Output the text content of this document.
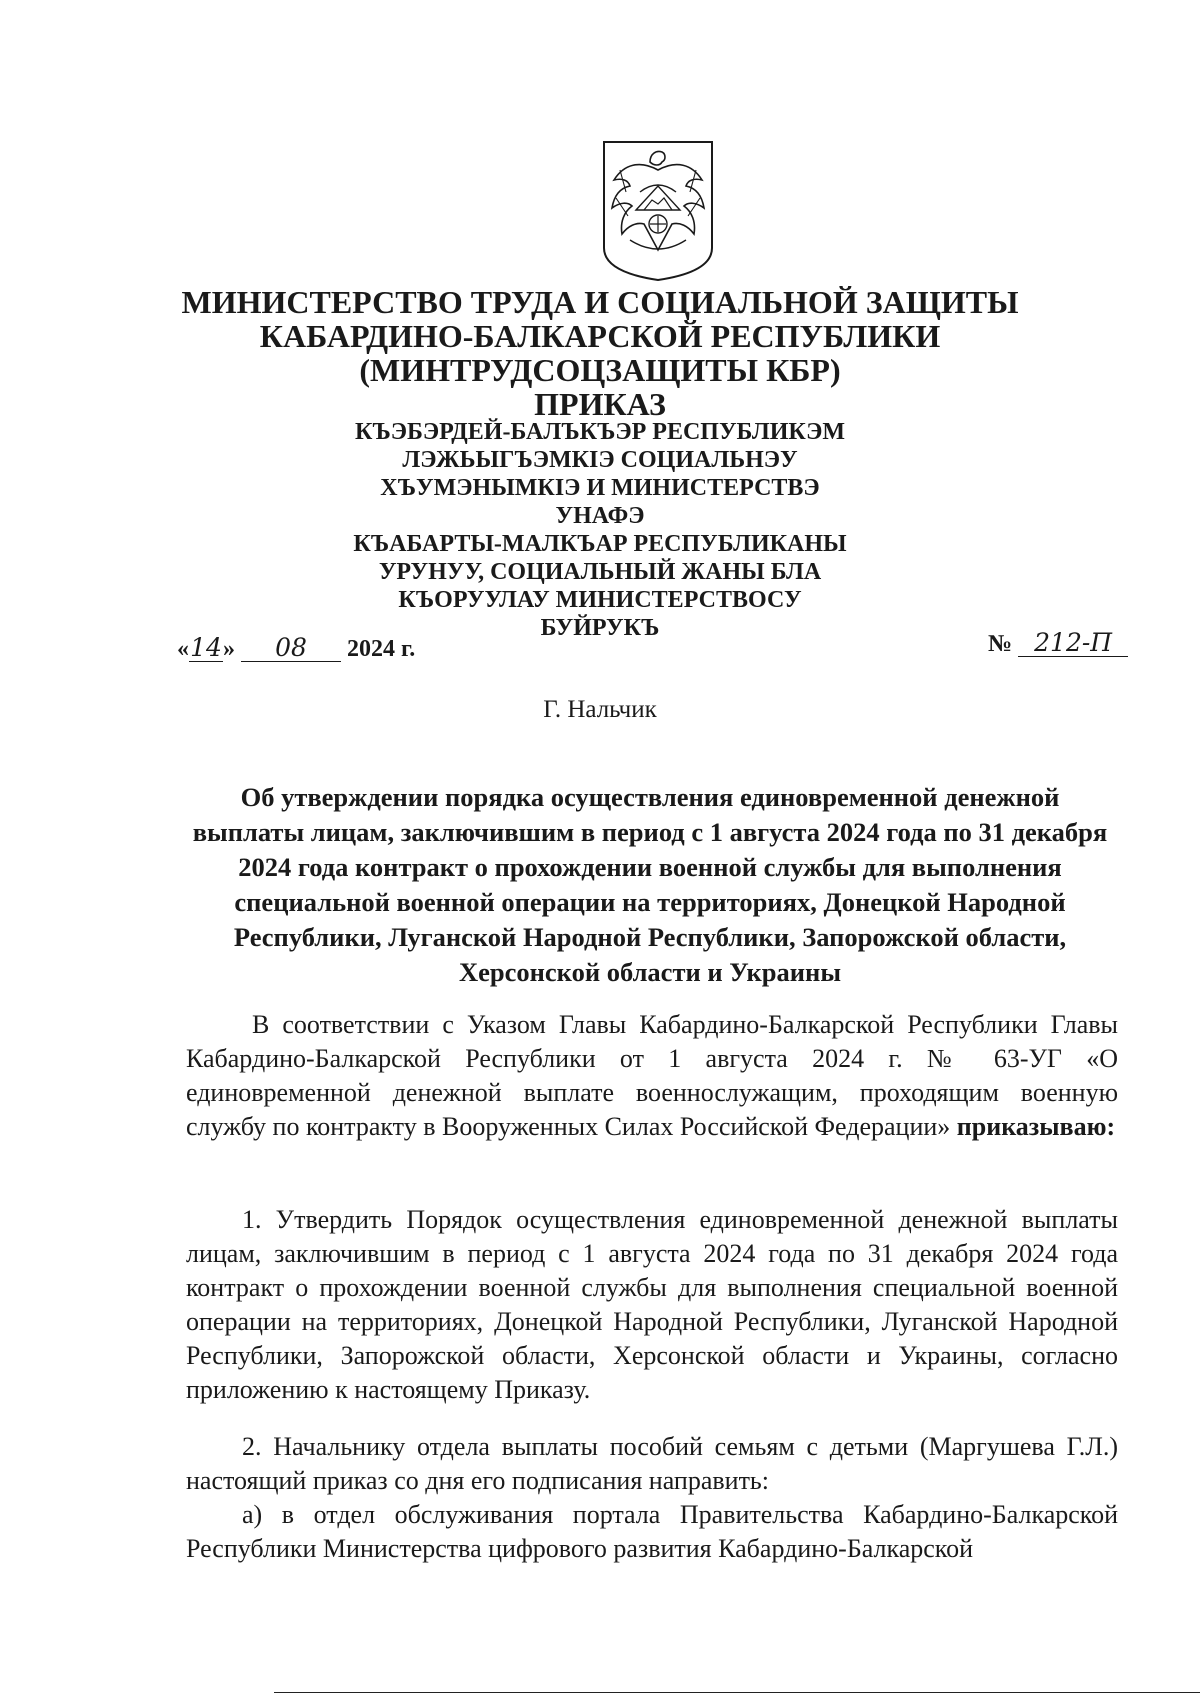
МИНИСТЕРСТВО ТРУДА И СОЦИАЛЬНОЙ ЗАЩИТЫ
КАБАРДИНО-БАЛКАРСКОЙ РЕСПУБЛИКИ
(МИНТРУДСОЦЗАЩИТЫ КБР)
ПРИКАЗ
КЪЭБЭРДЕЙ-БАЛЪКЪЭР РЕСПУБЛИКЭМ
ЛЭЖЬЫГЪЭМКIЭ СОЦИАЛЬНЭУ
ХЪУМЭНЫМКIЭ И МИНИСТЕРСТВЭ
УНАФЭ
КЪАБАРТЫ-МАЛКЪАР РЕСПУБЛИКАНЫ
УРУНУУ, СОЦИАЛЬНЫЙ ЖАНЫ БЛА
КЪОРУУЛАУ МИНИСТЕРСТВОСУ
БУЙРУКЪ
«14» 08 2024 г.	№ 212-П
Г. Нальчик
Об утверждении порядка осуществления единовременной денежной выплаты лицам, заключившим в период с 1 августа 2024 года по 31 декабря 2024 года контракт о прохождении военной службы для выполнения специальной военной операции на территориях, Донецкой Народной Республики, Луганской Народной Республики, Запорожской области, Херсонской области и Украины
В соответствии с Указом Главы Кабардино-Балкарской Республики Главы Кабардино-Балкарской Республики от 1 августа 2024 г. № 63-УГ «О единовременной денежной выплате военнослужащим, проходящим военную службу по контракту в Вооруженных Силах Российской Федерации» приказываю:
1. Утвердить Порядок осуществления единовременной денежной выплаты лицам, заключившим в период с 1 августа 2024 года по 31 декабря 2024 года контракт о прохождении военной службы для выполнения специальной военной операции на территориях, Донецкой Народной Республики, Луганской Народной Республики, Запорожской области, Херсонской области и Украины, согласно приложению к настоящему Приказу.
2. Начальнику отдела выплаты пособий семьям с детьми (Маргушева Г.Л.) настоящий приказ со дня его подписания направить:
а) в отдел обслуживания портала Правительства Кабардино-Балкарской Республики Министерства цифрового развития Кабардино-Балкарской
